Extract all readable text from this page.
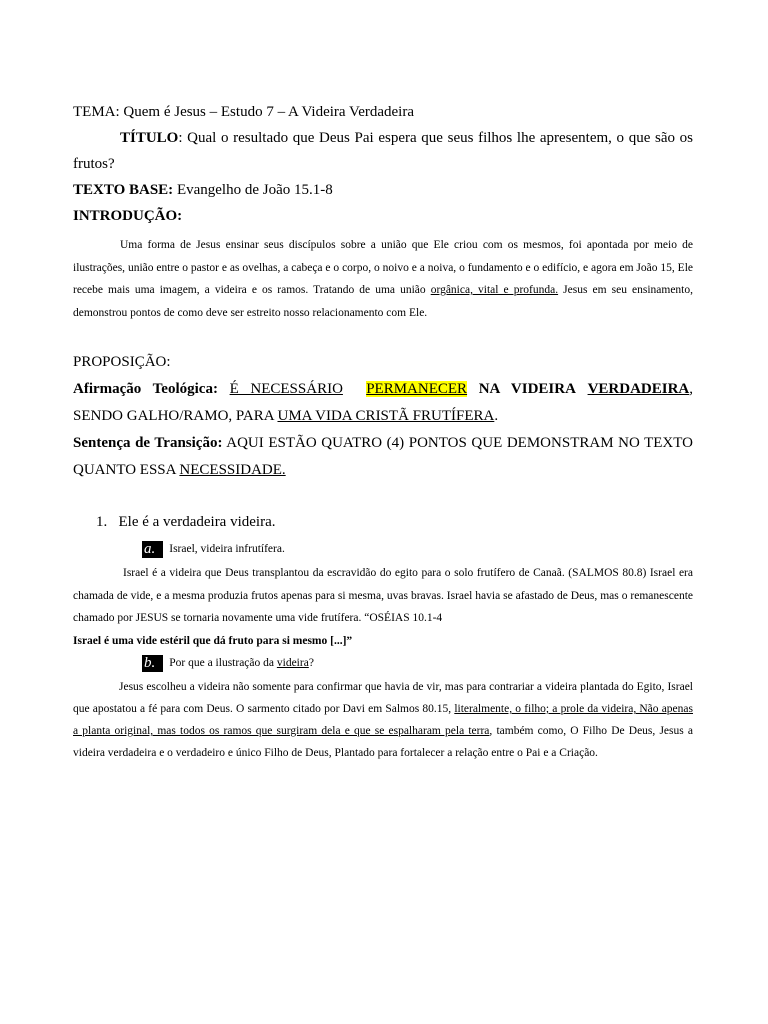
TEMA: Quem é Jesus – Estudo 7 – A Videira Verdadeira
TÍTULO: Qual o resultado que Deus Pai espera que seus filhos lhe apresentem, o que são os frutos?
TEXTO BASE: Evangelho de João 15.1-8
INTRODUÇÃO:
Uma forma de Jesus ensinar seus discípulos sobre a união que Ele criou com os mesmos, foi apontada por meio de ilustrações, união entre o pastor e as ovelhas, a cabeça e o corpo, o noivo e a noiva, o fundamento e o edifício, e agora em João 15, Ele recebe mais uma imagem, a videira e os ramos. Tratando de uma união orgânica, vital e profunda. Jesus em seu ensinamento, demonstrou pontos de como deve ser estreito nosso relacionamento com Ele.
PROPOSIÇÃO:
Afirmação Teológica: É NECESSÁRIO PERMANECER NA VIDEIRA VERDADEIRA,
SENDO GALHO/RAMO, PARA UMA VIDA CRISTÃ FRUTÍFERA.
Sentença de Transição: AQUI ESTÃO QUATRO (4) PONTOS QUE DEMONSTRAM NO TEXTO QUANTO ESSA NECESSIDADE.
1. Ele é a verdadeira videira.
a. Israel, videira infrutífera.
Israel é a videira que Deus transplantou da escravidão do egito para o solo frutífero de Canaã. (SALMOS 80.8) Israel era chamada de vide, e a mesma produzia frutos apenas para si mesma, uvas bravas. Israel havia se afastado de Deus, mas o remanescente chamado por JESUS se tornaria novamente uma vide frutífera. “OSÉIAS 10.1-4
Israel é uma vide estéril que dá fruto para si mesmo [...]”
b. Por que a ilustração da videira?
Jesus escolheu a videira não somente para confirmar que havia de vir, mas para contrariar a videira plantada do Egito, Israel que apostatou a fé para com Deus. O sarmento citado por Davi em Salmos 80.15, literalmente, o filho; a prole da videira, Não apenas a planta original, mas todos os ramos que surgiram dela e que se espalharam pela terra, também como, O Filho De Deus, Jesus a videira verdadeira e o verdadeiro e único Filho de Deus, Plantado para fortalecer a relação entre o Pai e a Criação.
